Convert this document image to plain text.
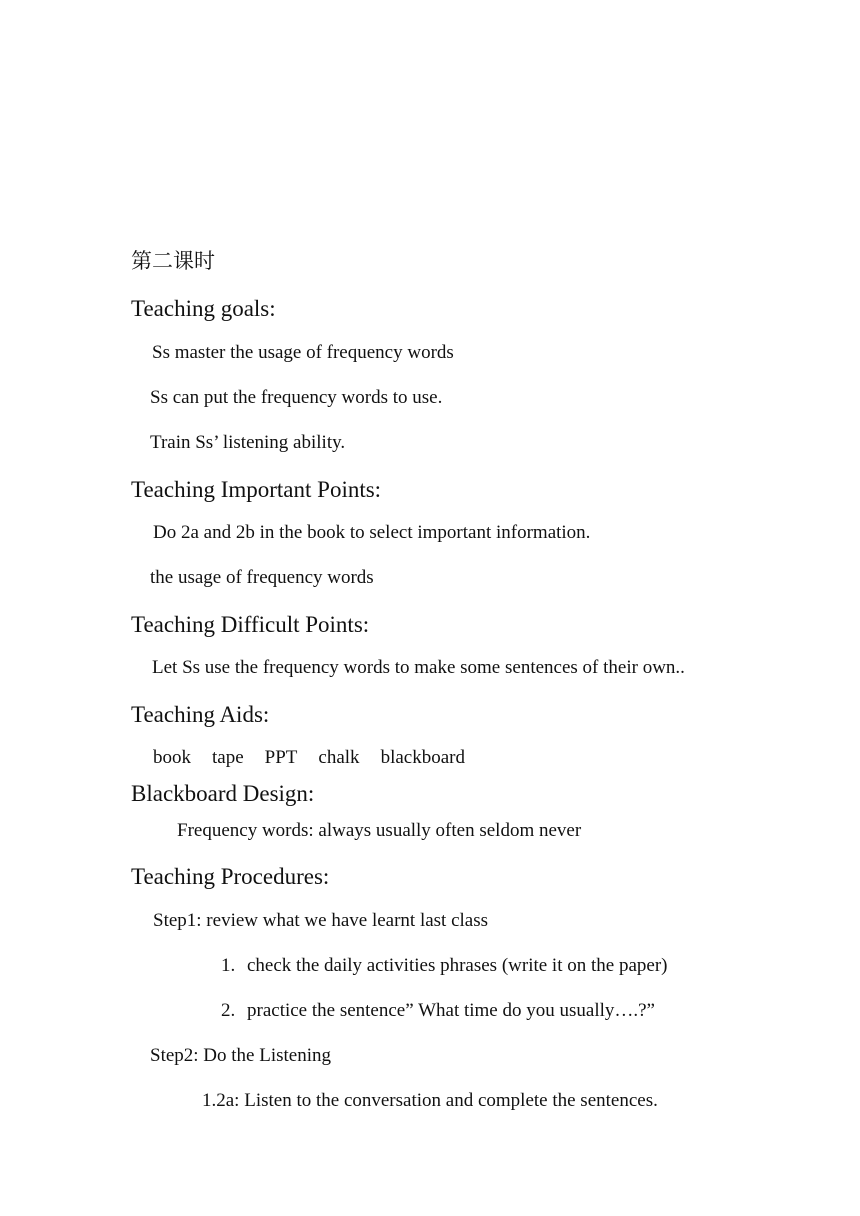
第二课时
Teaching goals:
Ss master the usage of frequency words
Ss can put the frequency words to use.
Train Ss’ listening ability.
Teaching Important Points:
Do 2a and 2b in the book to select important information.
the usage of frequency words
Teaching Difficult Points:
Let Ss use the frequency words to make some sentences of their own..
Teaching Aids:
book tape PPT chalk blackboard
Blackboard Design:
Frequency words: always usually often seldom never
Teaching Procedures:
Step1: review what we have learnt last class
1. check the daily activities phrases (write it on the paper)
2. practice the sentence” What time do you usually….?”
Step2: Do the Listening
1.2a: Listen to the conversation and complete the sentences.
